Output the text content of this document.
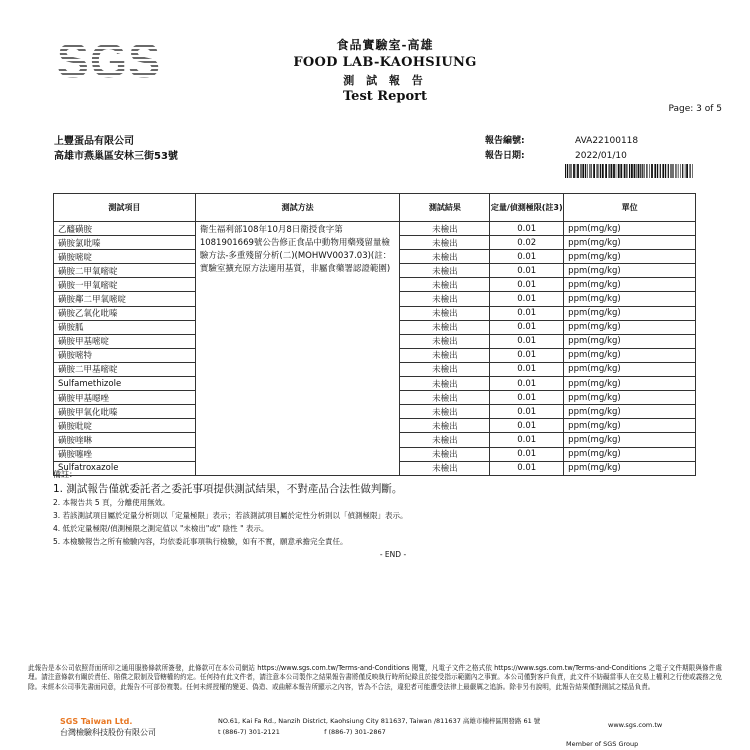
SGS	食品實驗室-高雄
FOOD LAB-KAOHSIUNG
測 試 報 告
Test Report
Page: 3 of 5
上豐蛋品有限公司
高雄市燕巢區安林三街53號
報告編號:	AVA22100118
報告日期:	2022/01/10
測試項目	測試方法	測試結果	定量/偵測極限(註3)	單位
乙醯磺胺	衛生福利部108年10月8日衛授食字第1081901669號公告修正食品中動物用藥殘留量檢驗方法-多重殘留分析(二)(MOHWV0037.03)(註：實驗室擴充原方法適用基質，非屬食藥署認證範圍)	未檢出	0.01	ppm(mg/kg)
磺胺氯吡嗪		未檢出	0.02	ppm(mg/kg)
磺胺嘧啶		未檢出	0.01	ppm(mg/kg)
磺胺二甲氧嘧啶		未檢出	0.01	ppm(mg/kg)
磺胺一甲氧嘧啶		未檢出	0.01	ppm(mg/kg)
磺胺鄰二甲氧嘧啶		未檢出	0.01	ppm(mg/kg)
磺胺乙氧化吡嗪		未檢出	0.01	ppm(mg/kg)
磺胺胍		未檢出	0.01	ppm(mg/kg)
磺胺甲基嘧啶		未檢出	0.01	ppm(mg/kg)
磺胺嘧特		未檢出	0.01	ppm(mg/kg)
磺胺二甲基嘧啶		未檢出	0.01	ppm(mg/kg)
Sulfamethizole		未檢出	0.01	ppm(mg/kg)
磺胺甲基噁唑		未檢出	0.01	ppm(mg/kg)
磺胺甲氧化吡嗪		未檢出	0.01	ppm(mg/kg)
磺胺吡啶		未檢出	0.01	ppm(mg/kg)
磺胺喹啉		未檢出	0.01	ppm(mg/kg)
磺胺噻唑		未檢出	0.01	ppm(mg/kg)
Sulfatroxazole		未檢出	0.01	ppm(mg/kg)
備註：
1. 測試報告僅就委託者之委託事項提供測試結果，不對產品合法性做判斷。
2. 本報告共 5 頁，分離使用無效。
3. 若該測試項目屬於定量分析則以「定量極限」表示；若該測試項目屬於定性分析則以「偵測極限」表示。
4. 低於定量極限/偵測極限之測定值以 "未檢出"或" 陰性 " 表示。
5. 本檢驗報告之所有檢驗內容，均依委託事項執行檢驗，如有不實，願意承擔完全責任。
- END -
此報告是本公司依照背面所印之通用服務條款所簽發，此條款可在本公司網站 https://www.sgs.com.tw/Terms-and-Conditions 閱覽，凡電子文件之格式依 https://www.sgs.com.tw/Terms-and-Conditions 之電子文件期限與條件處理。請注意條款有關於責任、賠償之限制及管轄權的約定。任何持有此文件者，請注意本公司製作之結果報告書將僅反映執行時所紀錄且於接受指示範圍內之事實。本公司僅對客戶負責，此文件不妨礙當事人在交易上權利之行使或義務之免除。未經本公司事先書面同意，此報告不可部份複製。任何未經授權的變更、偽造、或曲解本報告所顯示之內容，皆為不合法，違犯者可能遭受法律上最嚴厲之追訴。除非另有說明，此報告結果僅對測試之樣品負責。
SGS Taiwan Ltd.
台灣檢驗科技股份有限公司
NO.61, Kai Fa Rd., Nanzih District, Kaohsiung City 811637, Taiwan /811637 高雄市楠梓區開發路 61 號
t (886-7) 301-2121	f (886-7) 301-2867
www.sgs.com.tw
Member of SGS Group
